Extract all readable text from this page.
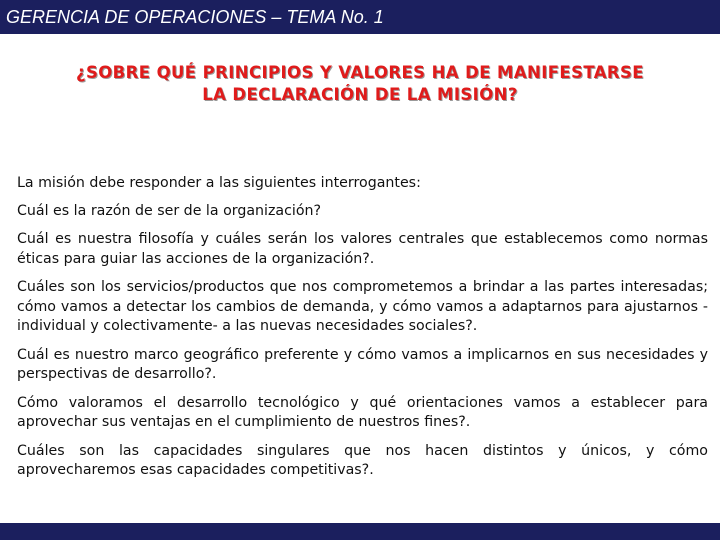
GERENCIA DE OPERACIONES – TEMA No. 1
¿SOBRE QUÉ PRINCIPIOS Y VALORES HA DE MANIFESTARSE
LA DECLARACIÓN DE LA MISIÓN?

La misión debe responder a las siguientes interrogantes:

Cuál es la razón de ser de la organización?

Cuál es nuestra filosofía y cuáles serán los valores centrales que establecemos como normas éticas para guiar las acciones de la organización?.

Cuáles son los servicios/productos que nos comprometemos a brindar a las partes interesadas; cómo vamos a detectar los cambios de demanda, y cómo vamos a adaptarnos para ajustarnos -individual y colectivamente- a las nuevas necesidades sociales?.

Cuál es nuestro marco geográfico preferente y cómo vamos a implicarnos en sus necesidades y perspectivas de desarrollo?.

Cómo valoramos el desarrollo tecnológico y qué orientaciones vamos a establecer para aprovechar sus ventajas en el cumplimiento de nuestros fines?.

Cuáles son las capacidades singulares que nos hacen distintos y únicos, y cómo aprovecharemos esas capacidades competitivas?.
